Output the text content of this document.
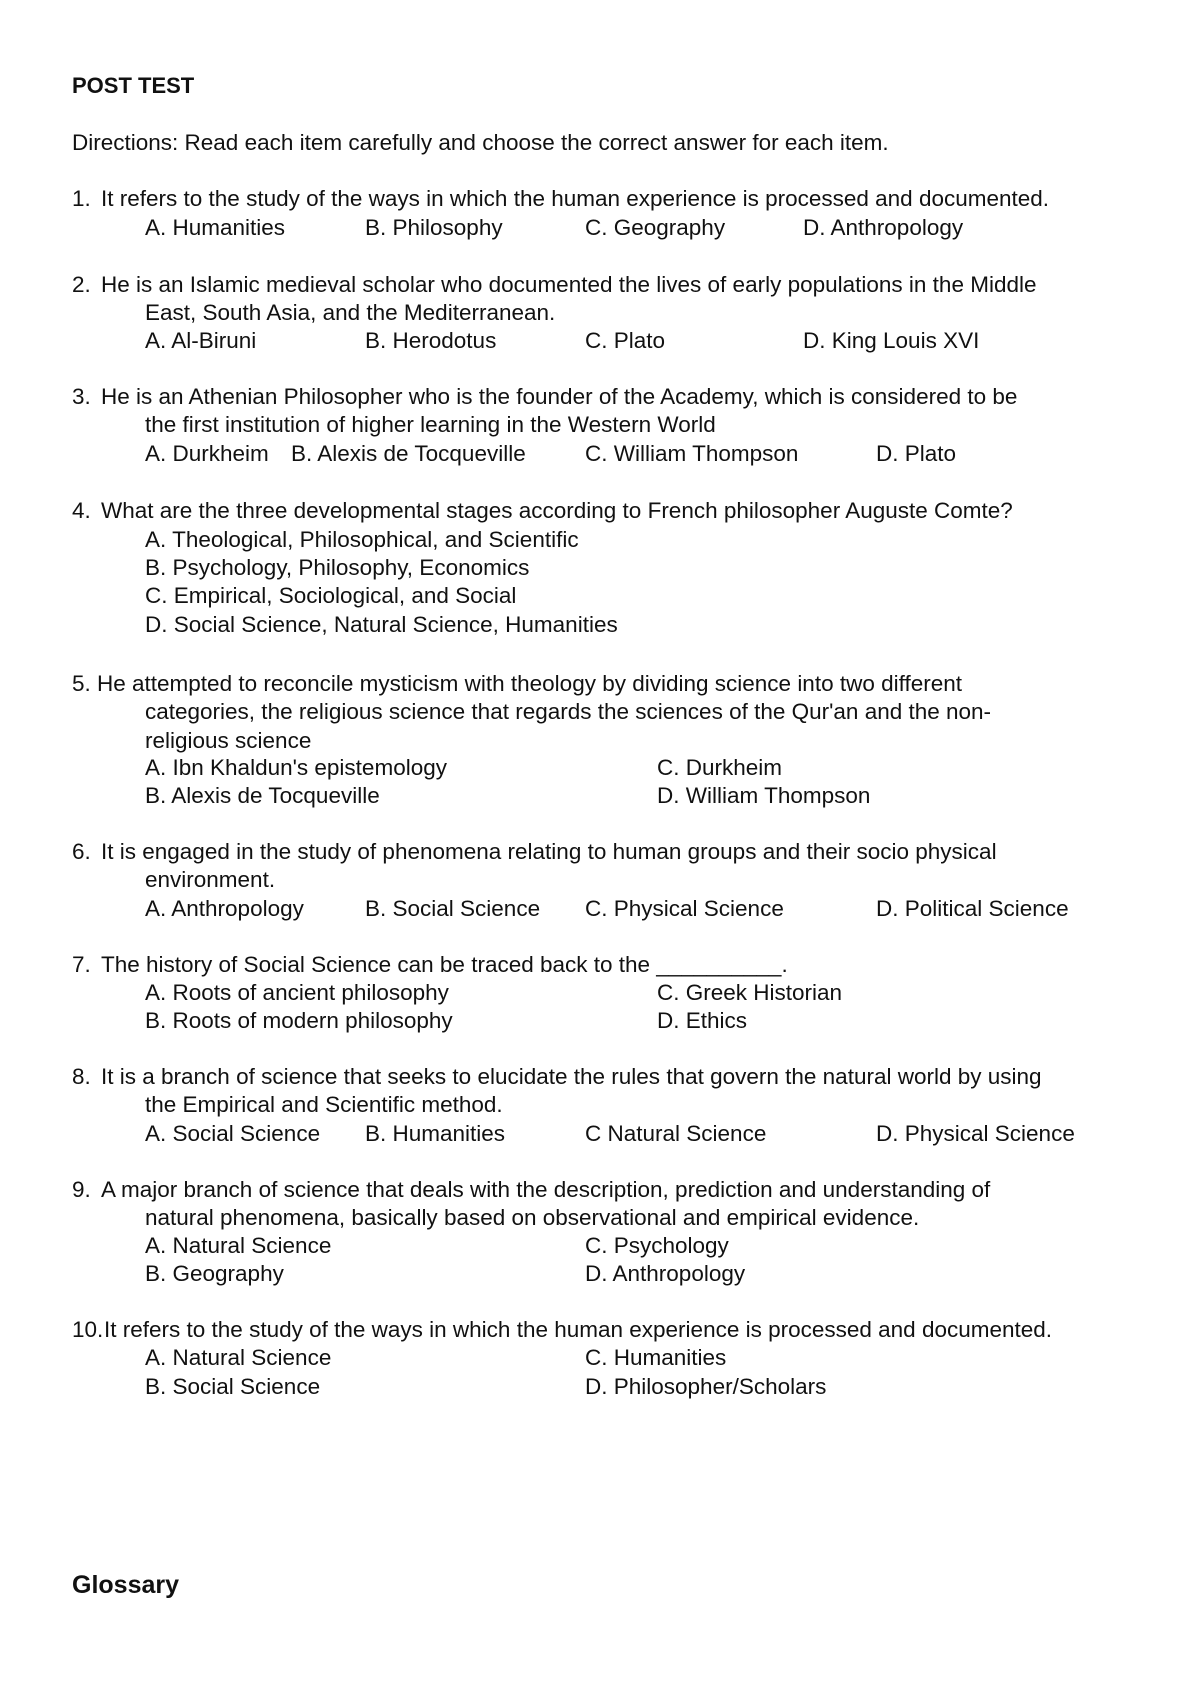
POST TEST
Directions: Read each item carefully and choose the correct answer for each item.
1. It refers to the study of the ways in which the human experience is processed and documented.
A. Humanities	B. Philosophy	C. Geography	D. Anthropology
2. He is an Islamic medieval scholar who documented the lives of early populations in the Middle
East, South Asia, and the Mediterranean.
A. Al-Biruni	B. Herodotus	C. Plato	D. King Louis XVI
3. He is an Athenian Philosopher who is the founder of the Academy, which is considered to be
the first institution of higher learning in the Western World
A. Durkheim B. Alexis de Tocqueville	C. William Thompson	D. Plato
4. What are the three developmental stages according to French philosopher Auguste Comte?
A. Theological, Philosophical, and Scientific
B. Psychology, Philosophy, Economics
C. Empirical, Sociological, and Social
D. Social Science, Natural Science, Humanities
5. He attempted to reconcile mysticism with theology by dividing science into two different
categories, the religious science that regards the sciences of the Qur'an and the non-
religious science
A. Ibn Khaldun's epistemology	C. Durkheim
B. Alexis de Tocqueville	D. William Thompson
6. It is engaged in the study of phenomena relating to human groups and their socio physical
environment.
A. Anthropology	B. Social Science C. Physical Science	D. Political Science
7. The history of Social Science can be traced back to the __________.
A. Roots of ancient philosophy	C. Greek Historian
B. Roots of modern philosophy	D. Ethics
8. It is a branch of science that seeks to elucidate the rules that govern the natural world by using
the Empirical and Scientific method.
A. Social Science B. Humanities	C Natural Science	D. Physical Science
9. A major branch of science that deals with the description, prediction and understanding of
natural phenomena, basically based on observational and empirical evidence.
A. Natural Science	C. Psychology
B. Geography	D. Anthropology
10. It refers to the study of the ways in which the human experience is processed and documented.
A. Natural Science	C. Humanities
B. Social Science	D. Philosopher/Scholars
Glossary
